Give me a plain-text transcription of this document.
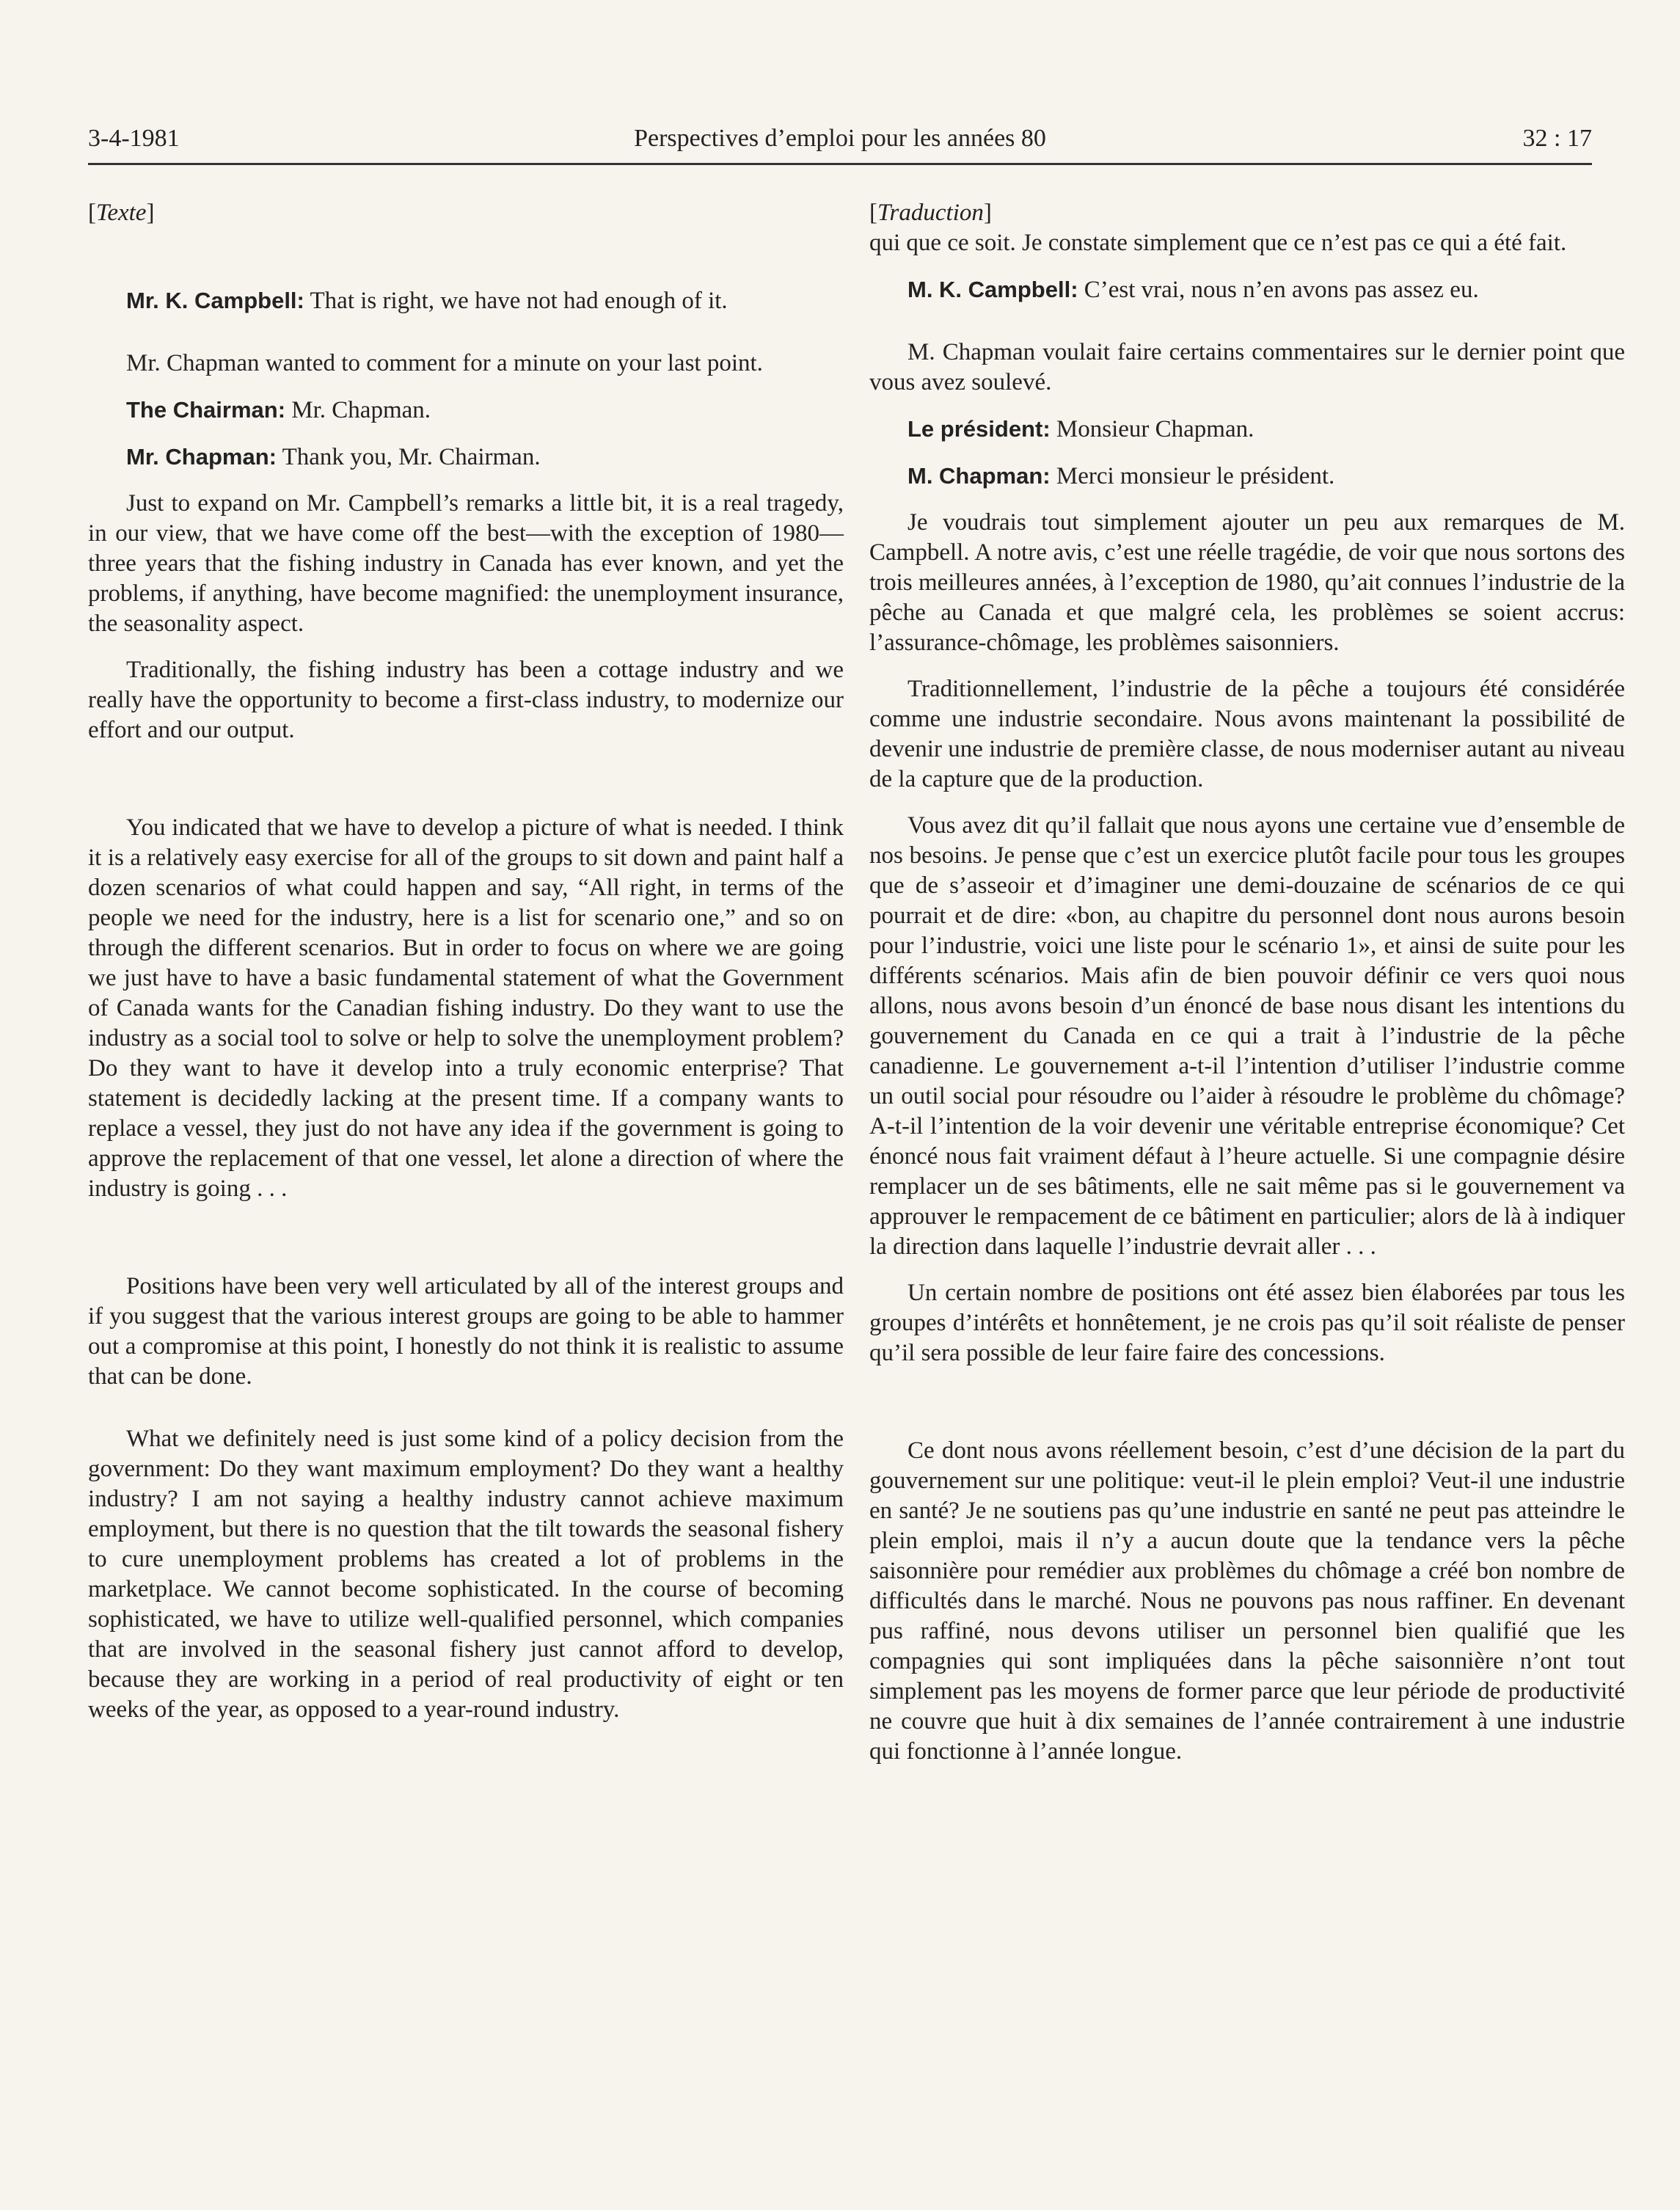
3-4-1981	Perspectives d’emploi pour les années 80	32 : 17

[Texte]

Mr. K. Campbell: That is right, we have not had enough of it.

Mr. Chapman wanted to comment for a minute on your last point.

The Chairman: Mr. Chapman.

Mr. Chapman: Thank you, Mr. Chairman.

Just to expand on Mr. Campbell’s remarks a little bit, it is a real tragedy, in our view, that we have come off the best—with the exception of 1980—three years that the fishing industry in Canada has ever known, and yet the problems, if anything, have become magnified: the unemployment insurance, the seasonality aspect.

Traditionally, the fishing industry has been a cottage industry and we really have the opportunity to become a first-class industry, to modernize our effort and our output.

You indicated that we have to develop a picture of what is needed. I think it is a relatively easy exercise for all of the groups to sit down and paint half a dozen scenarios of what could happen and say, “All right, in terms of the people we need for the industry, here is a list for scenario one,” and so on through the different scenarios. But in order to focus on where we are going we just have to have a basic fundamental statement of what the Government of Canada wants for the Canadian fishing industry. Do they want to use the industry as a social tool to solve or help to solve the unemployment problem? Do they want to have it develop into a truly economic enterprise? That statement is decidedly lacking at the present time. If a company wants to replace a vessel, they just do not have any idea if the government is going to approve the replacement of that one vessel, let alone a direction of where the industry is going . . .

Positions have been very well articulated by all of the interest groups and if you suggest that the various interest groups are going to be able to hammer out a compromise at this point, I honestly do not think it is realistic to assume that can be done.

What we definitely need is just some kind of a policy decision from the government: Do they want maximum employment? Do they want a healthy industry? I am not saying a healthy industry cannot achieve maximum employment, but there is no question that the tilt towards the seasonal fishery to cure unemployment problems has created a lot of problems in the marketplace. We cannot become sophisticated. In the course of becoming sophisticated, we have to utilize well-qualified personnel, which companies that are involved in the seasonal fishery just cannot afford to develop, because they are working in a period of real productivity of eight or ten weeks of the year, as opposed to a year-round industry.

[Traduction]

qui que ce soit. Je constate simplement que ce n’est pas ce qui a été fait.

M. K. Campbell: C’est vrai, nous n’en avons pas assez eu.

M. Chapman voulait faire certains commentaires sur le dernier point que vous avez soulevé.

Le président: Monsieur Chapman.

M. Chapman: Merci monsieur le président.

Je voudrais tout simplement ajouter un peu aux remarques de M. Campbell. A notre avis, c’est une réelle tragédie, de voir que nous sortons des trois meilleures années, à l’exception de 1980, qu’ait connues l’industrie de la pêche au Canada et que malgré cela, les problèmes se soient accrus: l’assurance-chômage, les problèmes saisonniers.

Traditionnellement, l’industrie de la pêche a toujours été considérée comme une industrie secondaire. Nous avons maintenant la possibilité de devenir une industrie de première classe, de nous moderniser autant au niveau de la capture que de la production.

Vous avez dit qu’il fallait que nous ayons une certaine vue d’ensemble de nos besoins. Je pense que c’est un exercice plutôt facile pour tous les groupes que de s’asseoir et d’imaginer une demi-douzaine de scénarios de ce qui pourrait et de dire: «bon, au chapitre du personnel dont nous aurons besoin pour l’industrie, voici une liste pour le scénario 1», et ainsi de suite pour les différents scénarios. Mais afin de bien pouvoir définir ce vers quoi nous allons, nous avons besoin d’un énoncé de base nous disant les intentions du gouvernement du Canada en ce qui a trait à l’industrie de la pêche canadienne. Le gouvernement a-t-il l’intention d’utiliser l’industrie comme un outil social pour résoudre ou l’aider à résoudre le problème du chômage? A-t-il l’intention de la voir devenir une véritable entreprise économique? Cet énoncé nous fait vraiment défaut à l’heure actuelle. Si une compagnie désire remplacer un de ses bâtiments, elle ne sait même pas si le gouvernement va approuver le rempacement de ce bâtiment en particulier; alors de là à indiquer la direction dans laquelle l’industrie devrait aller . . .

Un certain nombre de positions ont été assez bien élaborées par tous les groupes d’intérêts et honnêtement, je ne crois pas qu’il soit réaliste de penser qu’il sera possible de leur faire faire des concessions.

Ce dont nous avons réellement besoin, c’est d’une décision de la part du gouvernement sur une politique: veut-il le plein emploi? Veut-il une industrie en santé? Je ne soutiens pas qu’une industrie en santé ne peut pas atteindre le plein emploi, mais il n’y a aucun doute que la tendance vers la pêche saisonnière pour remédier aux problèmes du chômage a créé bon nombre de difficultés dans le marché. Nous ne pouvons pas nous raffiner. En devenant pus raffiné, nous devons utiliser un personnel bien qualifié que les compagnies qui sont impliquées dans la pêche saisonnière n’ont tout simplement pas les moyens de former parce que leur période de productivité ne couvre que huit à dix semaines de l’année contrairement à une industrie qui fonctionne à l’année longue.
